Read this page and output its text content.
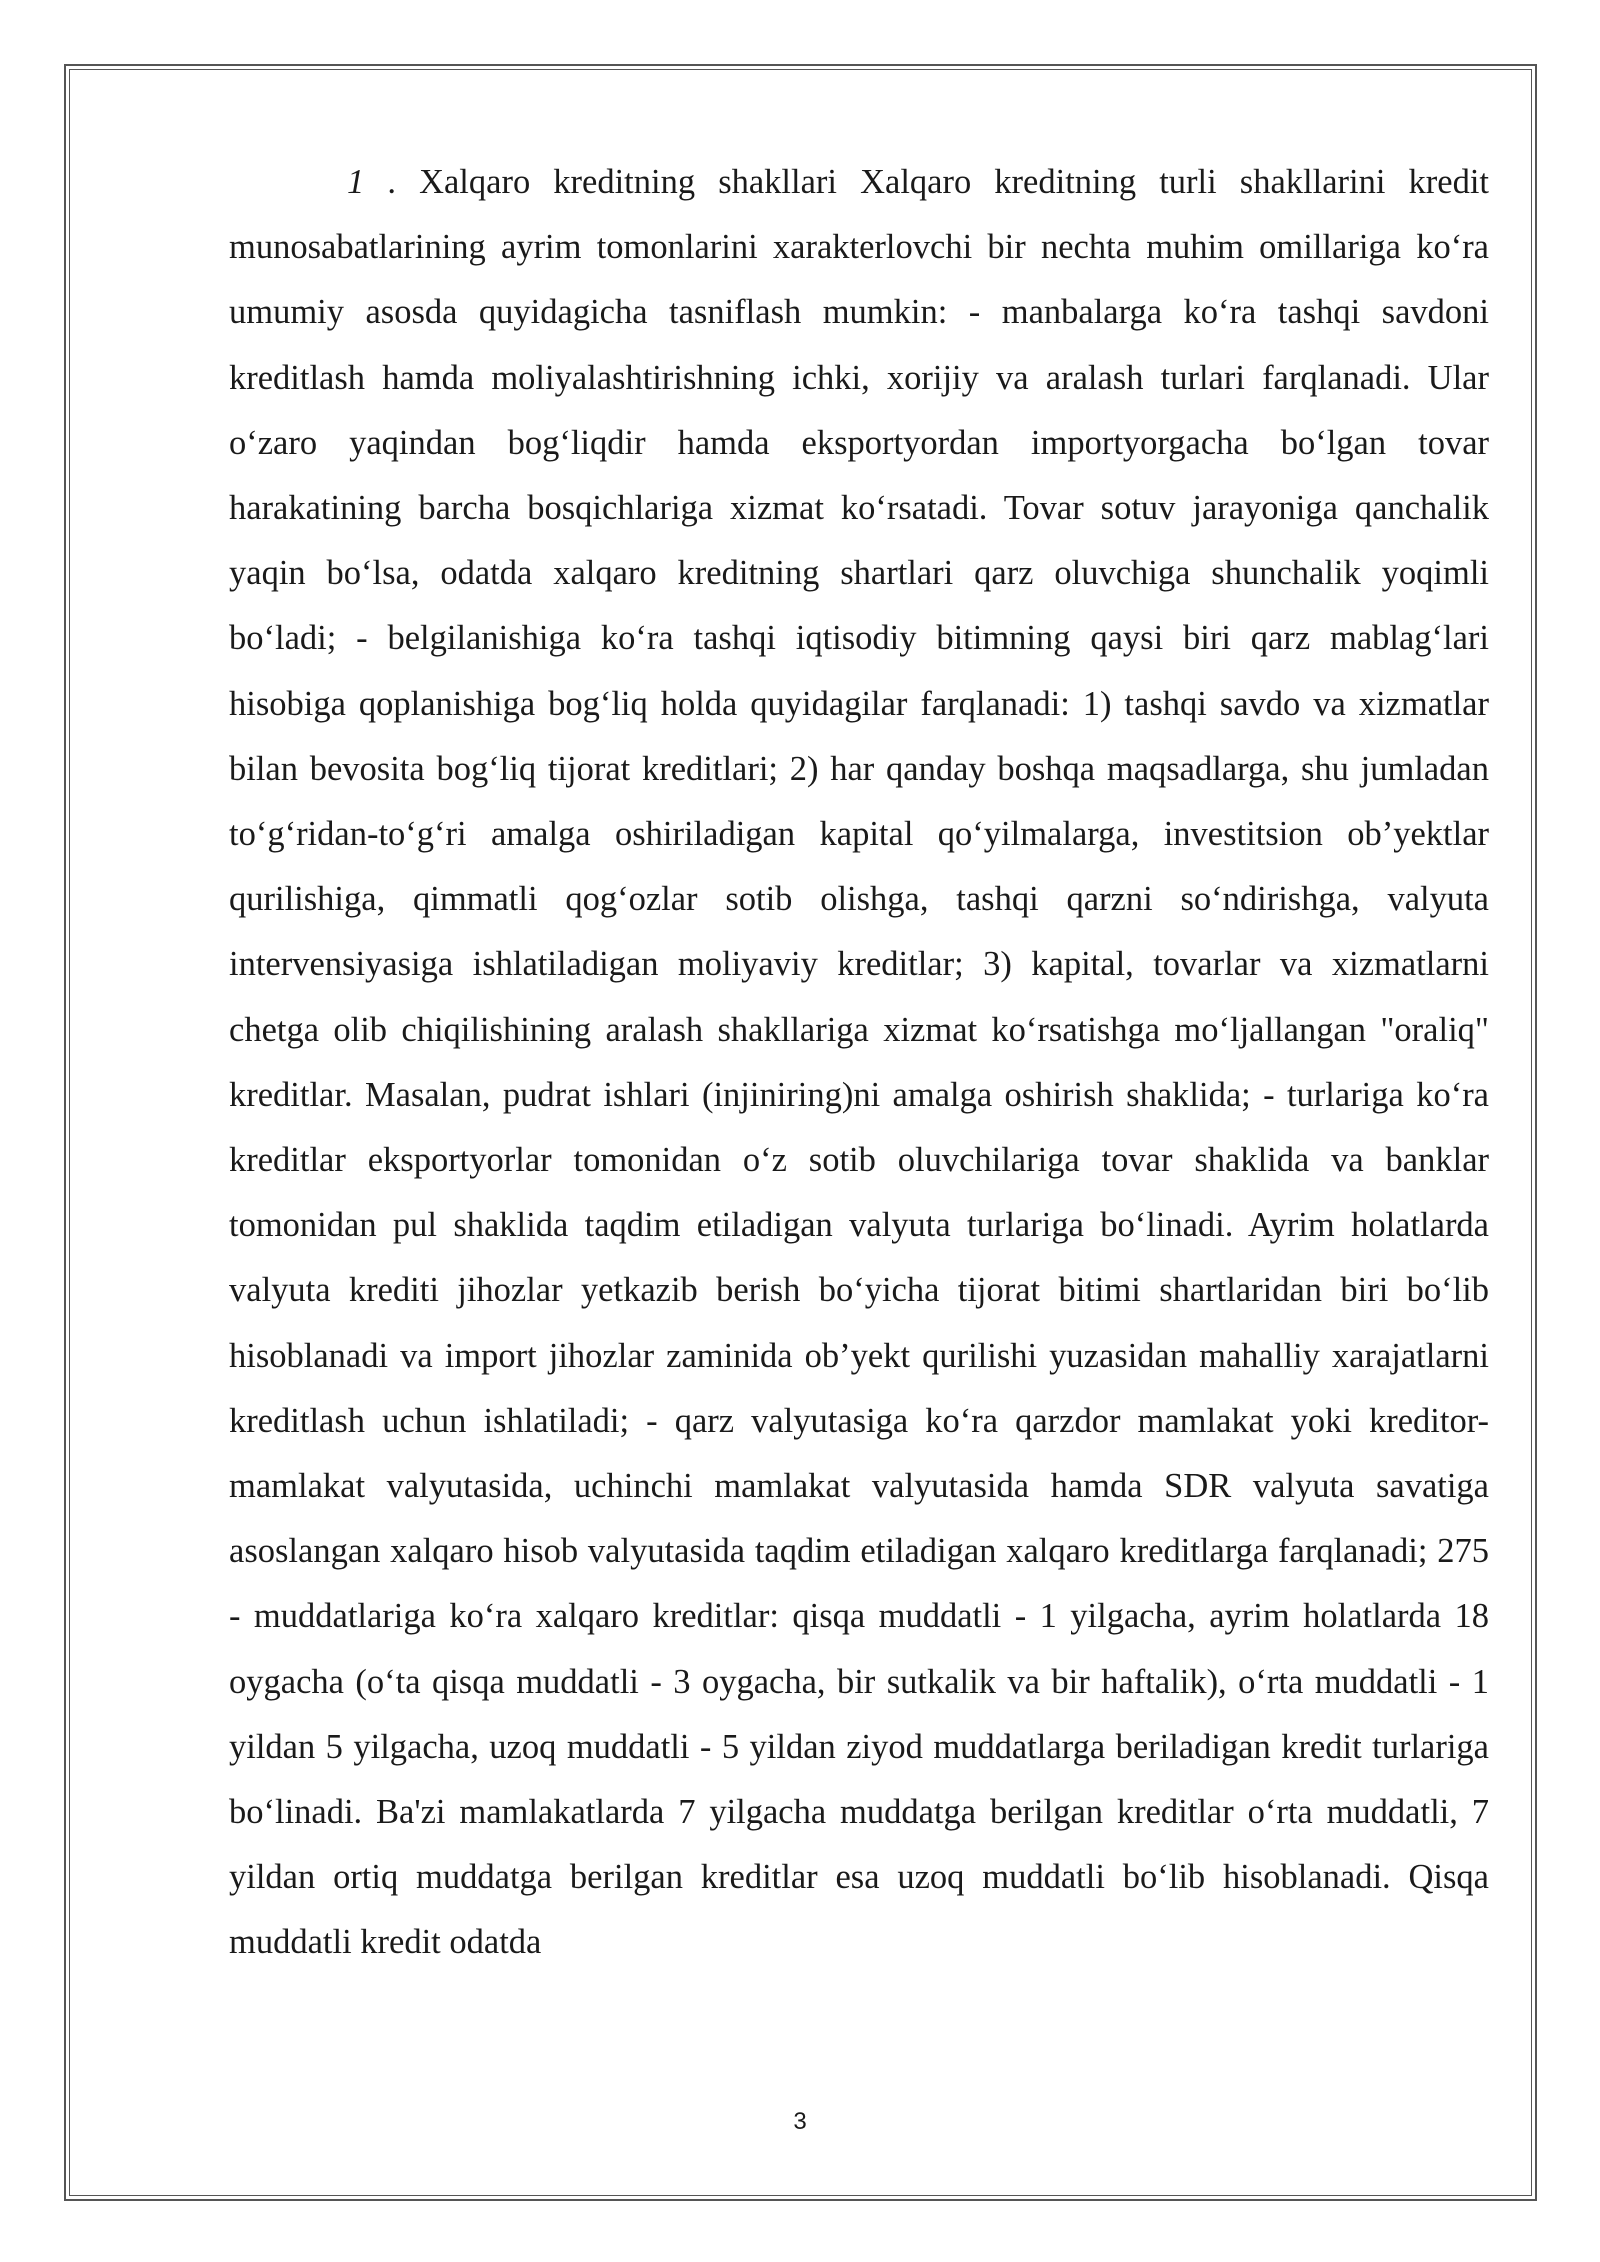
1 . Xalqaro kreditning shakllari Xalqaro kreditning turli shakllarini kredit munosabatlarining ayrim tomonlarini xarakterlovchi bir nechta muhim omillariga ko‘ra umumiy asosda quyidagicha tasniflash mumkin: - manbalarga ko‘ra tashqi savdoni kreditlash hamda moliyalashtirishning ichki, xorijiy va aralash turlari farqlanadi. Ular o‘zaro yaqindan bog‘liqdir hamda eksportyordan importyorgacha bo‘lgan tovar harakatining barcha bosqichlariga xizmat ko‘rsatadi. Tovar sotuv jarayoniga qanchalik yaqin bo‘lsa, odatda xalqaro kreditning shartlari qarz oluvchiga shunchalik yoqimli bo‘ladi; - belgilanishiga ko‘ra tashqi iqtisodiy bitimning qaysi biri qarz mablag‘lari hisobiga qoplanishiga bog‘liq holda quyidagilar farqlanadi: 1) tashqi savdo va xizmatlar bilan bevosita bog‘liq tijorat kreditlari; 2) har qanday boshqa maqsadlarga, shu jumladan to‘g‘ridan-to‘g‘ri amalga oshiriladigan kapital qo‘yilmalarga, investitsion ob’yektlar qurilishiga, qimmatli qog‘ozlar sotib olishga, tashqi qarzni so‘ndirishga, valyuta intervensiyasiga ishlatiladigan moliyaviy kreditlar; 3) kapital, tovarlar va xizmatlarni chetga olib chiqilishining aralash shakllariga xizmat ko‘rsatishga mo‘ljallangan "oraliq" kreditlar. Masalan, pudrat ishlari (injiniring)ni amalga oshirish shaklida; - turlariga ko‘ra kreditlar eksportyorlar tomonidan o‘z sotib oluvchilariga tovar shaklida va banklar tomonidan pul shaklida taqdim etiladigan valyuta turlariga bo‘linadi. Ayrim holatlarda valyuta krediti jihozlar yetkazib berish bo‘yicha tijorat bitimi shartlaridan biri bo‘lib hisoblanadi va import jihozlar zaminida ob’yekt qurilishi yuzasidan mahalliy xarajatlarni kreditlash uchun ishlatiladi; - qarz valyutasiga ko‘ra qarzdor mamlakat yoki kreditor-mamlakat valyutasida, uchinchi mamlakat valyutasida hamda SDR valyuta savatiga asoslangan xalqaro hisob valyutasida taqdim etiladigan xalqaro kreditlarga farqlanadi; 275 - muddatlariga ko‘ra xalqaro kreditlar: qisqa muddatli - 1 yilgacha, ayrim holatlarda 18 oygacha (o‘ta qisqa muddatli - 3 oygacha, bir sutkalik va bir haftalik), o‘rta muddatli - 1 yildan 5 yilgacha, uzoq muddatli - 5 yildan ziyod muddatlarga beriladigan kredit turlariga bo‘linadi. Ba'zi mamlakatlarda 7 yilgacha muddatga berilgan kreditlar o‘rta muddatli, 7 yildan ortiq muddatga berilgan kreditlar esa uzoq muddatli bo‘lib hisoblanadi. Qisqa muddatli kredit odatda

3
